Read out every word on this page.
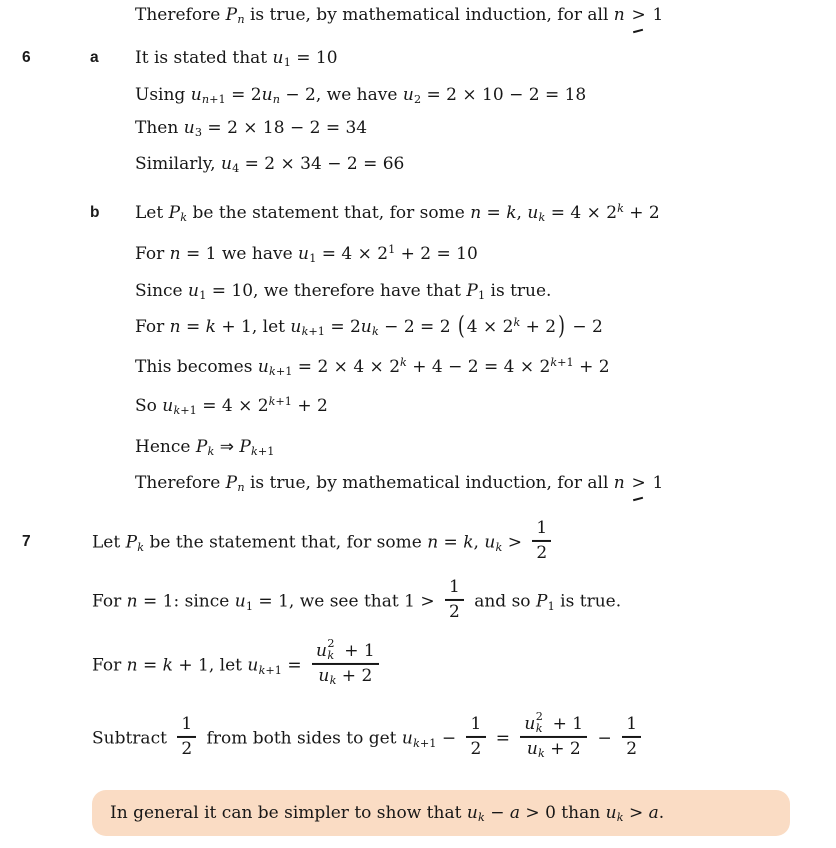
Therefore $P_n$ is true, by mathematical induction, for all n > 1
6	a It is stated that $u_1 = 10$
Using $u_{n+1} = 2u_n - 2$, we have $u_2 = 2 \times 10 - 2 = 18$
Then $u_3 = 2 \times 18 - 2 = 34$
Similarly, $u_4 = 2 \times 34 - 2 = 66$
b Let $P_k$ be the statement that, for some n = k, $u_k = 4 \times 2^k + 2$
For n = 1 we have $u_1 = 4 \times 2^1 + 2 = 10$
Since $u_1 = 10$, we therefore have that $P_1$ is true.
For n = k + 1, let $u_{k+1} = 2u_k - 2 = 2$ ( $4 \times 2^k + 2$ ) − 2
This becomes $u_{k+1} = 2 \times 4 \times 2^k + 4 - 2 = 4 \times 2^{k+1} + 2$
So $u_{k+1} = 4 \times 2^{k+1} + 2$
Hence $P_k$ ⇒ $P_{k+1}$
Therefore $P_n$ is true, by mathematical induction, for all n > 1
7	Let $P_k$ be the statement that, for some n = k, $u_k > \frac{1}{2}$
For n = 1: since $u_1 = 1$, we see that $1 > \frac{1}{2}$ and so $P_1$ is true.
For n = k + 1, let $u_{k+1} = u$ 2
k + 1
$u_k + 2$
Subtract $\frac{1}{2}$ from both sides to get $u_{k+1} - \frac{1}{2} = u$ 2
k + 1
$u_k + 2 - \frac{1}{2}$
In general it can be simpler to show that $u_k - a > 0$ than $u_k > a$.
